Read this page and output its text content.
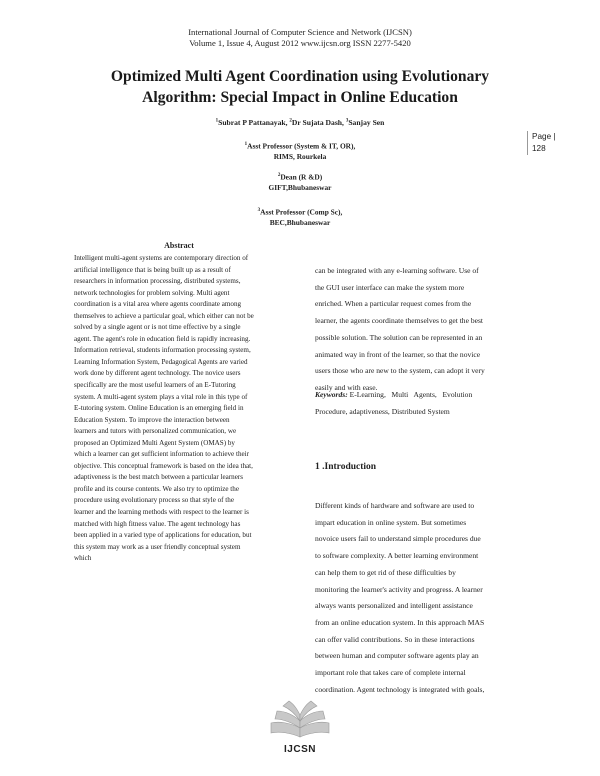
International Journal of Computer Science and Network (IJCSN)
Volume 1, Issue 4, August 2012 www.ijcsn.org ISSN 2277-5420
Optimized Multi Agent Coordination using Evolutionary
Algorithm: Special Impact in Online Education
$^1$Subrat P Pattanayak, $^2$Dr Sujata Dash, $^3$Sanjay Sen
$^1$Asst Professor (System & IT, OR),
RIMS, Rourkela
$^2$Dean (R &D)
GIFT,Bhubaneswar
$^3$Asst Professor (Comp Sc),
BEC,Bhubaneswar
Page |
128
Abstract
Intelligent multi-agent systems are contemporary direction of
artificial intelligence that is being built up as a result of
researchers in information processing, distributed systems,
network technologies for problem solving. Multi agent
coordination is a vital area where agents coordinate among
themselves to achieve a particular goal, which either can not be
solved by a single agent or is not time effective by a single
agent. The agent's role in education field is rapidly increasing.
Information retrieval, students information processing system,
Learning Information System, Pedagogical Agents are varied
work done by different agent technology. The novice users
specifically are the most useful learners of an E-Tutoring
system. A multi-agent system plays a vital role in this type of
E-tutoring system. Online Education is an emerging field in
Education System. To improve the interaction between
learners and tutors with personalized communication, we
proposed an Optimized Multi Agent System (OMAS) by
which a learner can get sufficient information to achieve their
objective. This conceptual framework is based on the idea that,
adaptiveness is the best match between a particular learners
profile and its course contents. We also try to optimize the
procedure using evolutionary process so that style of the
learner and the learning methods with respect to the learner is
matched with high fitness value. The agent technology has
been applied in a varied type of applications for education, but
this system may work as a user friendly conceptual system
which
can be integrated with any e-learning software. Use of
the GUI user interface can make the system more
enriched. When a particular request comes from the
learner, the agents coordinate themselves to get the best
possible solution. The solution can be represented in an
animated way in front of the learner, so that the novice
users those who are new to the system, can adopt it very
easily and with ease.
Keywords: E-Learning,   Multi   Agents,   Evolution
Procedure, adaptiveness, Distributed System
1 .Introduction
Different kinds of hardware and software are used to
impart education in online system. But sometimes
novoice users fail to understand simple procedures due
to software complexity. A better learning environment
can help them to get rid of these difficulties by
monitoring the learner's activity and progress. A learner
always wants personalized and intelligent assistance
from an online education system. In this approach MAS
can offer valid contributions. So in these interactions
between human and computer software agents play an
important role that takes care of complete internal
coordination. Agent technology is integrated with goals,
IJCSN
